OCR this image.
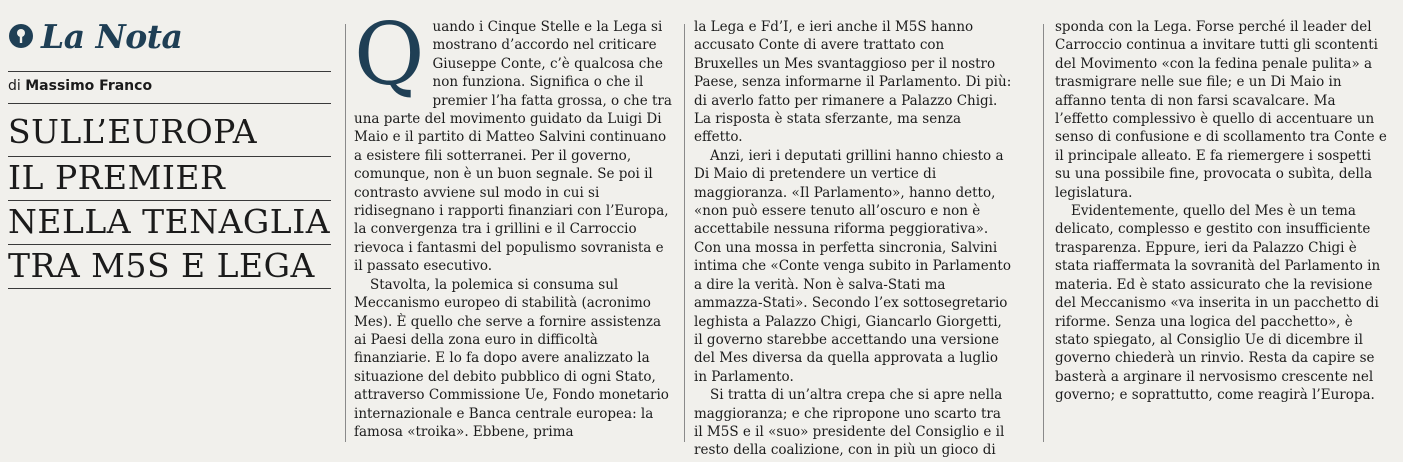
La Nota
di Massimo Franco
SULL’EUROPA
IL PREMIER
NELLA TENAGLIA
TRA M5S E LEGA

Quando i Cinque Stelle e la Lega si mostrano d’accordo nel criticare Giuseppe Conte, c’è qualcosa che non funziona. Significa o che il premier l’ha fatta grossa, o che tra una parte del movimento guidato da Luigi Di Maio e il partito di Matteo Salvini continuano a esistere fili sotterranei. Per il governo, comunque, non è un buon segnale. Se poi il contrasto avviene sul modo in cui si ridisegnano i rapporti finanziari con l’Europa, la convergenza tra i grillini e il Carroccio rievoca i fantasmi del populismo sovranista e il passato esecutivo.

Stavolta, la polemica si consuma sul Meccanismo europeo di stabilità (acronimo Mes). È quello che serve a fornire assistenza ai Paesi della zona euro in difficoltà finanziarie. E lo fa dopo avere analizzato la situazione del debito pubblico di ogni Stato, attraverso Commissione Ue, Fondo monetario internazionale e Banca centrale europea: la famosa «troika». Ebbene, prima

la Lega e Fd’I, e ieri anche il M5S hanno accusato Conte di avere trattato con Bruxelles un Mes svantaggioso per il nostro Paese, senza informarne il Parlamento. Di più: di averlo fatto per rimanere a Palazzo Chigi. La risposta è stata sferzante, ma senza effetto.

Anzi, ieri i deputati grillini hanno chiesto a Di Maio di pretendere un vertice di maggioranza. «Il Parlamento», hanno detto, «non può essere tenuto all’oscuro e non è accettabile nessuna riforma peggiorativa». Con una mossa in perfetta sincronia, Salvini intima che «Conte venga subito in Parlamento a dire la verità. Non è salva-Stati ma ammazza-Stati». Secondo l’ex sottosegretario leghista a Palazzo Chigi, Giancarlo Giorgetti, il governo starebbe accettando una versione del Mes diversa da quella approvata a luglio in Parlamento.

Si tratta di un’altra crepa che si apre nella maggioranza; e che ripropone uno scarto tra il M5S e il «suo» presidente del Consiglio e il resto della coalizione, con in più un gioco di

sponda con la Lega. Forse perché il leader del Carroccio continua a invitare tutti gli scontenti del Movimento «con la fedina penale pulita» a trasmigrare nelle sue file; e un Di Maio in affanno tenta di non farsi scavalcare. Ma l’effetto complessivo è quello di accentuare un senso di confusione e di scollamento tra Conte e il principale alleato. E fa riemergere i sospetti su una possibile fine, provocata o subìta, della legislatura.

Evidentemente, quello del Mes è un tema delicato, complesso e gestito con insufficiente trasparenza. Eppure, ieri da Palazzo Chigi è stata riaffermata la sovranità del Parlamento in materia. Ed è stato assicurato che la revisione del Meccanismo «va inserita in un pacchetto di riforme. Senza una logica del pacchetto», è stato spiegato, al Consiglio Ue di dicembre il governo chiederà un rinvio. Resta da capire se basterà a arginare il nervosismo crescente nel governo; e soprattutto, come reagirà l’Europa.
